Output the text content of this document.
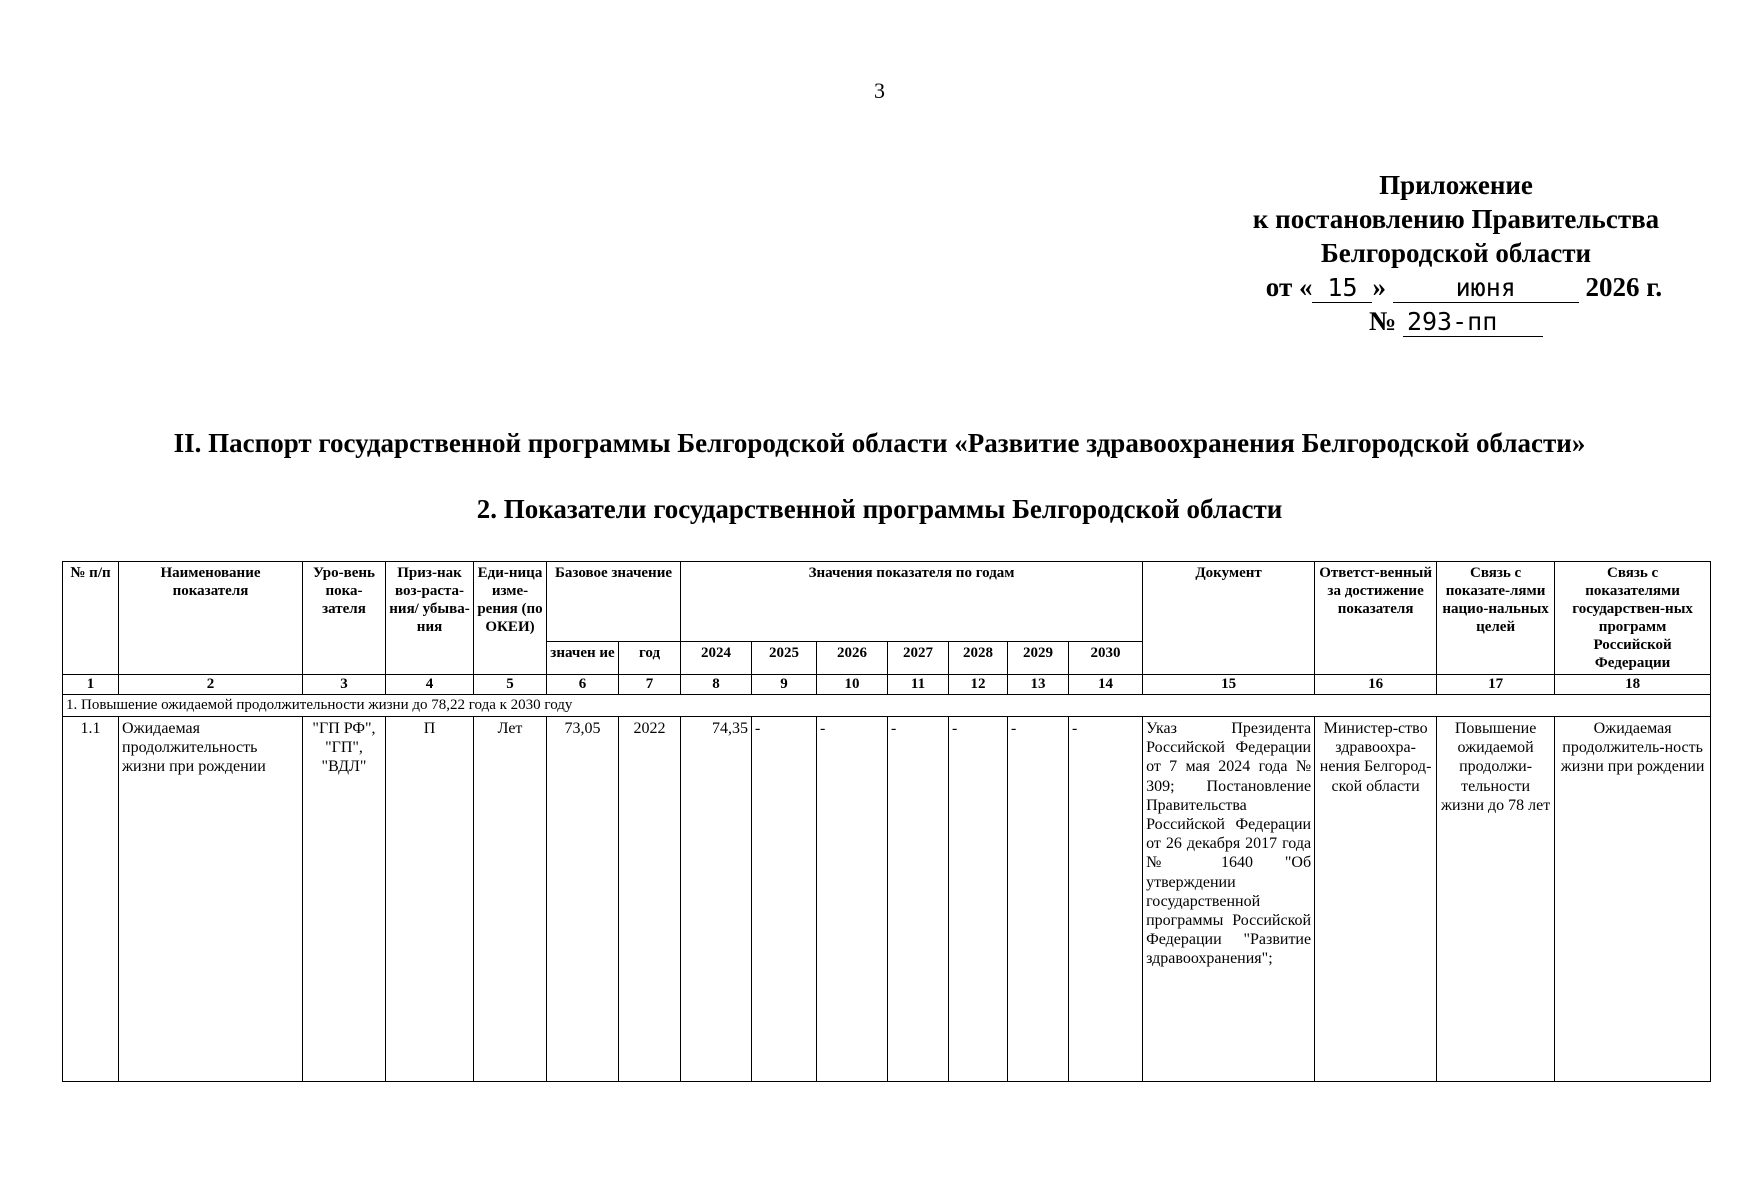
3
Приложение
к постановлению Правительства
Белгородской области
от « 15 »	июня	2026 г.
№ 293-пп
II. Паспорт государственной программы Белгородской области «Развитие здравоохранения Белгородской области»
2. Показатели государственной программы Белгородской области
№ п/п	Наименование показателя	Уро-вень пока-зателя	Приз-нак воз-раста-ния/ убыва-ния	Еди-ница изме-рения (по ОКЕИ)	Базовое значение		Значения показателя по годам							Документ	Ответст-венный за достижение показателя	Связь с показате-лями нацио-нальных целей	Связь с показателями государствен-ных программ Российской Федерации
					значен ие	год	2024	2025	2026	2027	2028	2029	2030				
1	2	3	4	5	6	7	8	9	10	11	12	13	14	15	16	17	18
1. Повышение ожидаемой продолжительности жизни до 78,22 года к 2030 году																	
1.1	Ожидаемая продолжительность жизни при рождении	"ГП РФ", "ГП", "ВДЛ"	П	Лет	73,05	2022	74,35	-	-	-	-	-	-	Указ Президента Российской Федерации от 7 мая 2024 года № 309; Постановление Правительства Российской Федерации от 26 декабря 2017 года № 1640 "Об утверждении государственной программы Российской Федерации "Развитие здравоохранения";	Министер-ство здравоохра-нения Белгород-ской области	Повышение ожидаемой продолжи-тельности жизни до 78 лет	Ожидаемая продолжитель-ность жизни при рождении
